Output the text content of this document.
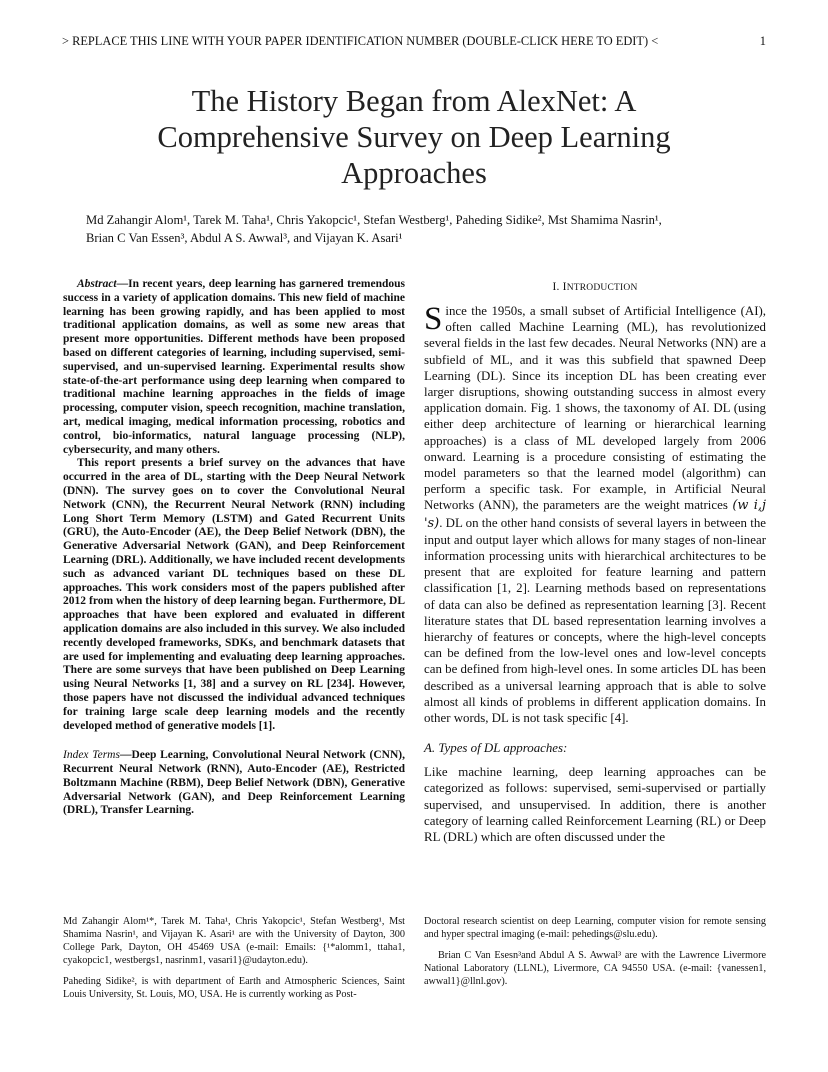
> REPLACE THIS LINE WITH YOUR PAPER IDENTIFICATION NUMBER (DOUBLE-CLICK HERE TO EDIT) <	1
The History Began from AlexNet: A
Comprehensive Survey on Deep Learning
Approaches
Md Zahangir Alom¹, Tarek M. Taha¹, Chris Yakopcic¹, Stefan Westberg¹, Paheding Sidike², Mst Shamima Nasrin¹,
Brian C Van Essen³, Abdul A S. Awwal³, and Vijayan K. Asari¹

Abstract—In recent years, deep learning has garnered tremendous success in a variety of application domains. This new field of machine learning has been growing rapidly, and has been applied to most traditional application domains, as well as some new areas that present more opportunities. Different methods have been proposed based on different categories of learning, including supervised, semi-supervised, and un-supervised learning. Experimental results show state-of-the-art performance using deep learning when compared to traditional machine learning approaches in the fields of image processing, computer vision, speech recognition, machine translation, art, medical imaging, medical information processing, robotics and control, bio-informatics, natural language processing (NLP), cybersecurity, and many others.

This report presents a brief survey on the advances that have occurred in the area of DL, starting with the Deep Neural Network (DNN). The survey goes on to cover the Convolutional Neural Network (CNN), the Recurrent Neural Network (RNN) including Long Short Term Memory (LSTM) and Gated Recurrent Units (GRU), the Auto-Encoder (AE), the Deep Belief Network (DBN), the Generative Adversarial Network (GAN), and Deep Reinforcement Learning (DRL). Additionally, we have included recent developments such as advanced variant DL techniques based on these DL approaches. This work considers most of the papers published after 2012 from when the history of deep learning began. Furthermore, DL approaches that have been explored and evaluated in different application domains are also included in this survey. We also included recently developed frameworks, SDKs, and benchmark datasets that are used for implementing and evaluating deep learning approaches. There are some surveys that have been published on Deep Learning using Neural Networks [1, 38] and a survey on RL [234]. However, those papers have not discussed the individual advanced techniques for training large scale deep learning models and the recently developed method of generative models [1].

Index Terms—Deep Learning, Convolutional Neural Network (CNN), Recurrent Neural Network (RNN), Auto-Encoder (AE), Restricted Boltzmann Machine (RBM), Deep Belief Network (DBN), Generative Adversarial Network (GAN), and Deep Reinforcement Learning (DRL), Transfer Learning.
I. INTRODUCTION

Since the 1950s, a small subset of Artificial Intelligence (AI), often called Machine Learning (ML), has revolutionized several fields in the last few decades. Neural Networks (NN) are a subfield of ML, and it was this subfield that spawned Deep Learning (DL). Since its inception DL has been creating ever larger disruptions, showing outstanding success in almost every application domain. Fig. 1 shows, the taxonomy of AI. DL (using either deep architecture of learning or hierarchical learning approaches) is a class of ML developed largely from 2006 onward. Learning is a procedure consisting of estimating the model parameters so that the learned model (algorithm) can perform a specific task. For example, in Artificial Neural Networks (ANN), the parameters are the weight matrices (w i,j 's). DL on the other hand consists of several layers in between the input and output layer which allows for many stages of non-linear information processing units with hierarchical architectures to be present that are exploited for feature learning and pattern classification [1, 2]. Learning methods based on representations of data can also be defined as representation learning [3]. Recent literature states that DL based representation learning involves a hierarchy of features or concepts, where the high-level concepts can be defined from the low-level ones and low-level concepts can be defined from high-level ones. In some articles DL has been described as a universal learning approach that is able to solve almost all kinds of problems in different application domains. In other words, DL is not task specific [4].

A. Types of DL approaches:

Like machine learning, deep learning approaches can be categorized as follows: supervised, semi-supervised or partially supervised, and unsupervised. In addition, there is another category of learning called Reinforcement Learning (RL) or Deep RL (DRL) which are often discussed under the

Md Zahangir Alom¹*, Tarek M. Taha¹, Chris Yakopcic¹, Stefan Westberg¹, Mst Shamima Nasrin¹, and Vijayan K. Asari¹ are with the University of Dayton, 300 College Park, Dayton, OH 45469 USA (e-mail: Emails: {¹*alomm1, ttaha1, cyakopcic1, westbergs1, nasrinm1, vasari1}@udayton.edu).

Paheding Sidike², is with department of Earth and Atmospheric Sciences, Saint Louis University, St. Louis, MO, USA. He is currently working as Post-

Doctoral research scientist on deep Learning, computer vision for remote sensing and hyper spectral imaging (e-mail: pehedings@slu.edu).

Brian C Van Esesn³and Abdul A S. Awwal³ are with the Lawrence Livermore National Laboratory (LLNL), Livermore, CA 94550 USA. (e-mail: {vanessen1, awwal1}@llnl.gov).
